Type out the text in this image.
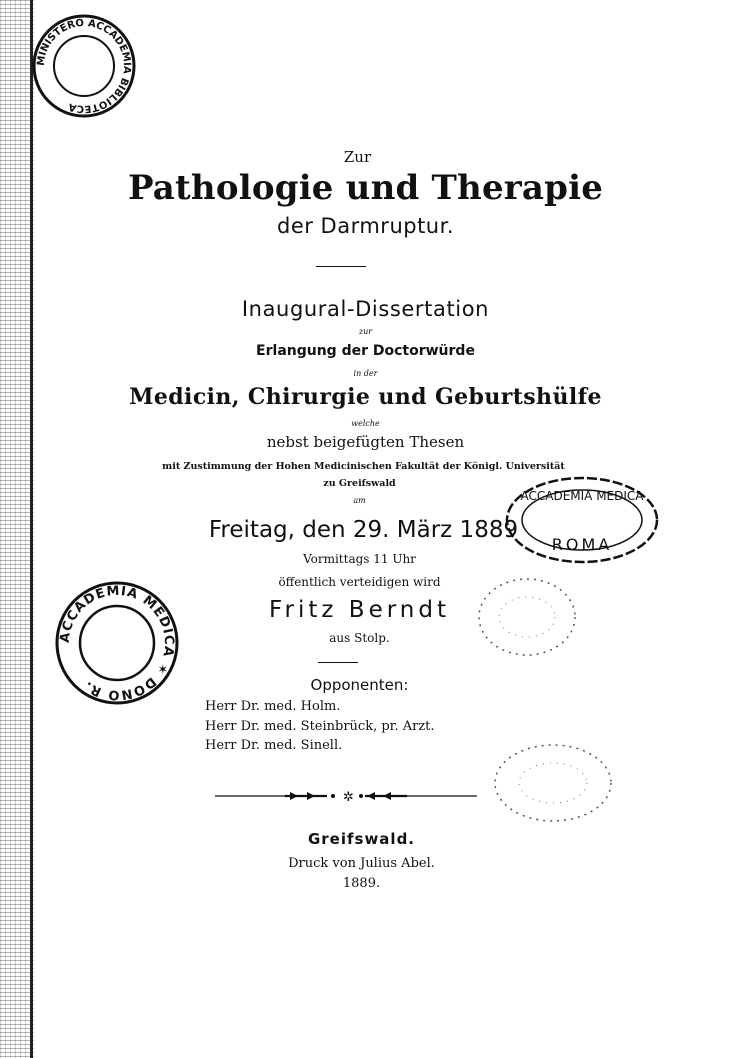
MINISTERO ACCADEMIA BIBLIOTECA
Zur
Pathologie und Therapie
der Darmruptur.
Inaugural-Dissertation
zur
Erlangung der Doctorwürde
in der
Medicin, Chirurgie und Geburtshülfe
welche
nebst beigefügten Thesen
mit Zustimmung der Hohen Medicinischen Fakultät der Königl. Universität
zu Greifswald
am
Freitag, den 29. März 1889
Vormittags 11 Uhr
öffentlich verteidigen wird
Fritz Berndt
aus Stolp.
Opponenten:
Herr Dr. med. Holm.
Herr Dr. med. Steinbrück, pr. Arzt.
Herr Dr. med. Sinell.
✲
Greifswald.
Druck von Julius Abel.
1889.
ACCADEMIA MEDICA ✶ DONO R.
ACCADEMIA MEDICA
ROMA
